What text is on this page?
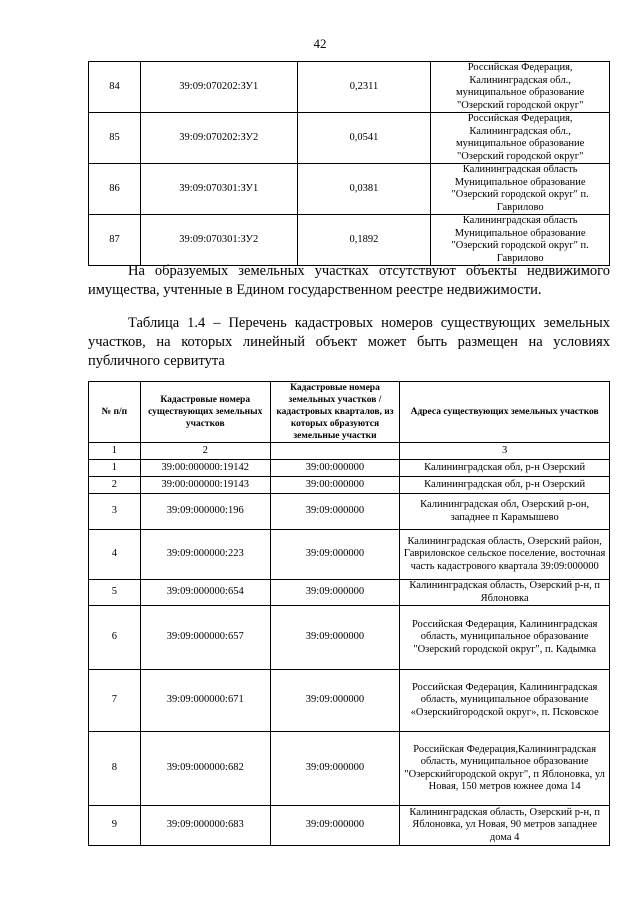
42
84	39:09:070202:ЗУ1	0,2311	Российская Федерация, Калининградская обл., муниципальное образование "Озерский городской округ"
85	39:09:070202:ЗУ2	0,0541	Российская Федерация, Калининградская обл., муниципальное образование "Озерский городской округ"
86	39:09:070301:ЗУ1	0,0381	Калининградская область Муниципальное образование "Озерский городской округ" п. Гаврилово
87	39:09:070301:ЗУ2	0,1892	Калининградская область Муниципальное образование "Озерский городской округ" п. Гаврилово

На образуемых земельных участках отсутствуют объекты недвижимого имущества, учтенные в Едином государственном реестре недвижимости.

Таблица 1.4 – Перечень кадастровых номеров существующих земельных участков, на которых линейный объект может быть размещен на условиях публичного сервитута

№ п/п	Кадастровые номера существующих земельных участков	Кадастровые номера земельных участков / кадастровых кварталов, из которых образуются земельные участки	Адреса существующих земельных участков
1	2		3
1	39:00:000000:19142	39:00:000000	Калининградская обл, р-н Озерский
2	39:00:000000:19143	39:00:000000	Калининградская обл, р-н Озерский
3	39:09:000000:196	39:09:000000	Калининградская обл, Озерский р-он, западнее п Карамышево
4	39:09:000000:223	39:09:000000	Калининградская область, Озерский район, Гавриловское сельское поселение, восточная часть кадастрового квартала 39:09:000000
5	39:09:000000:654	39:09:000000	Калининградская область, Озерский р-н, п Яблоновка
6	39:09:000000:657	39:09:000000	Российская Федерация, Калининградская область, муниципальное образование "Озерский городской округ", п. Кадымка
7	39:09:000000:671	39:09:000000	Российская Федерация, Калининградская область, муниципальное образование «Озерскийгородской округ», п. Псковское
8	39:09:000000:682	39:09:000000	Российская Федерация,Калининградская область, муниципальное образование "Озерскийгородской округ", п Яблоновка, ул Новая, 150 метров южнее дома 14
9	39:09:000000:683	39:09:000000	Калининградская область, Озерский р-н, п Яблоновка, ул Новая, 90 метров западнее дома 4
